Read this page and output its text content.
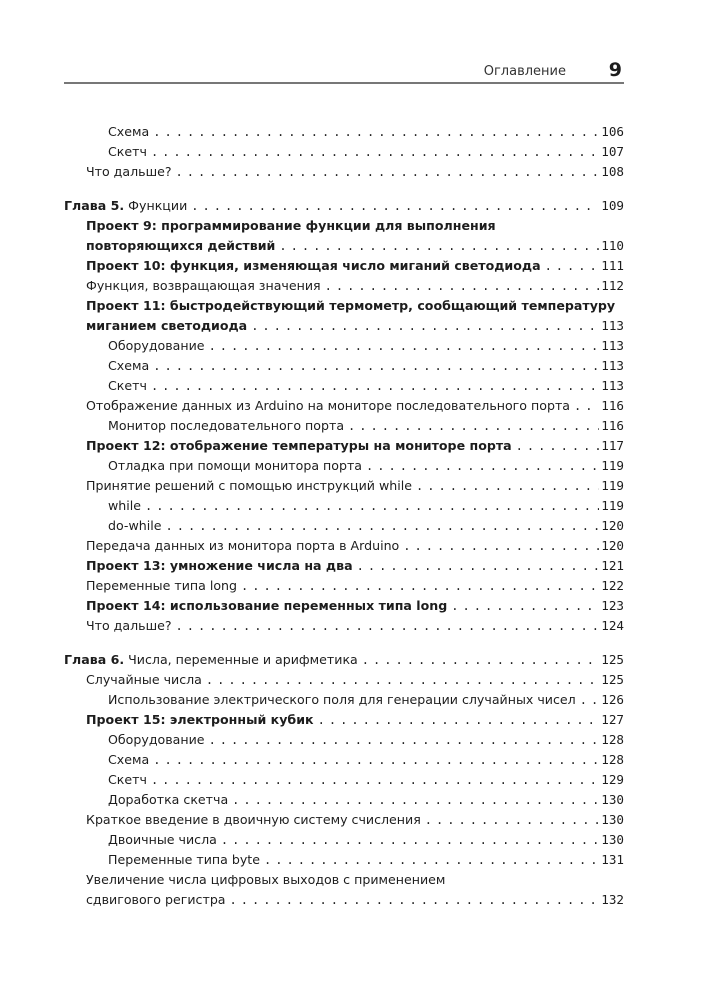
Оглавление 9
Схема . . .	106
Скетч . . .	107
Что дальше? . . .	108
Глава 5.
Функции . . .	109
Проект 9: программирование функции для выполнения
повторяющихся действий . . .	110
Проект 10: функция, изменяющая число миганий светодиода . . .	111
Функция, возвращающая значения . . .	112
Проект 11: быстродействующий термометр, сообщающий температуру
миганием светодиода . . .	113
Оборудование . . .	113
Схема . . .	113
Скетч . . .	113
Отображение данных из Arduino на мониторе последовательного порта . . . 116
Монитор последовательного порта . . .	116
Проект 12: отображение температуры на мониторе порта . . .	117
Отладка при помощи монитора порта . . .	119
Принятие решений с помощью инструкций while . . .	119
while . . .	119
do-while . . .	120
Передача данных из монитора порта в Arduino . . .	120
Проект 13: умножение числа на два . . .	121
Переменные типа long . . .	122
Проект 14: использование переменных типа long . . .	123
Что дальше? . . .	124
Глава 6.
Числа, переменные и арифметика . . .	125
Случайные числа . . .	125
Использование электрического поля для генерации случайных чисел . . . 126
Проект 15: электронный кубик . . .	127
Оборудование . . .	128
Схема . . .	128
Скетч . . .	129
Доработка скетча . . .	130
Краткое введение в двоичную систему счисления . . .	130
Двоичные числа . . .	130
Переменные типа byte . . .	131
Увеличение числа цифровых выходов с применением
сдвигового регистра . . .	132
